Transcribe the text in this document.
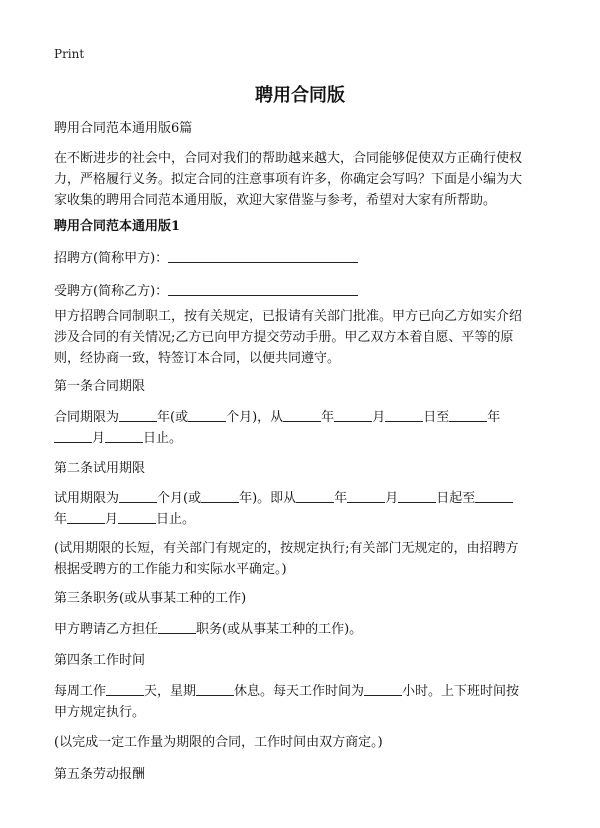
Print
聘用合同版
聘用合同范本通用版6篇
在不断进步的社会中，合同对我们的帮助越来越大，合同能够促使双方正确行使权
力，严格履行义务。拟定合同的注意事项有许多，你确定会写吗？下面是小编为大
家收集的聘用合同范本通用版，欢迎大家借鉴与参考，希望对大家有所帮助。
聘用合同范本通用版1
招聘方(简称甲方)：
受聘方(简称乙方)：
甲方招聘合同制职工，按有关规定，已报请有关部门批准。甲方已向乙方如实介绍
涉及合同的有关情况;乙方已向甲方提交劳动手册。甲乙双方本着自愿、平等的原
则，经协商一致，特签订本合同，以便共同遵守。
第一条合同期限
合同期限为	年(或	个月)，从	年	月	日至	年
月	日止。
第二条试用期限
试用期限为	个月(或	年)。即从	年	月	日起至
年	月	日止。
(试用期限的长短，有关部门有规定的，按规定执行;有关部门无规定的，由招聘方
根据受聘方的工作能力和实际水平确定。)
第三条职务(或从事某工种的工作)
甲方聘请乙方担任	职务(或从事某工种的工作)。
第四条工作时间
每周工作	天，星期	休息。每天工作时间为	小时。上下班时间按
甲方规定执行。
(以完成一定工作量为期限的合同，工作时间由双方商定。)
第五条劳动报酬
